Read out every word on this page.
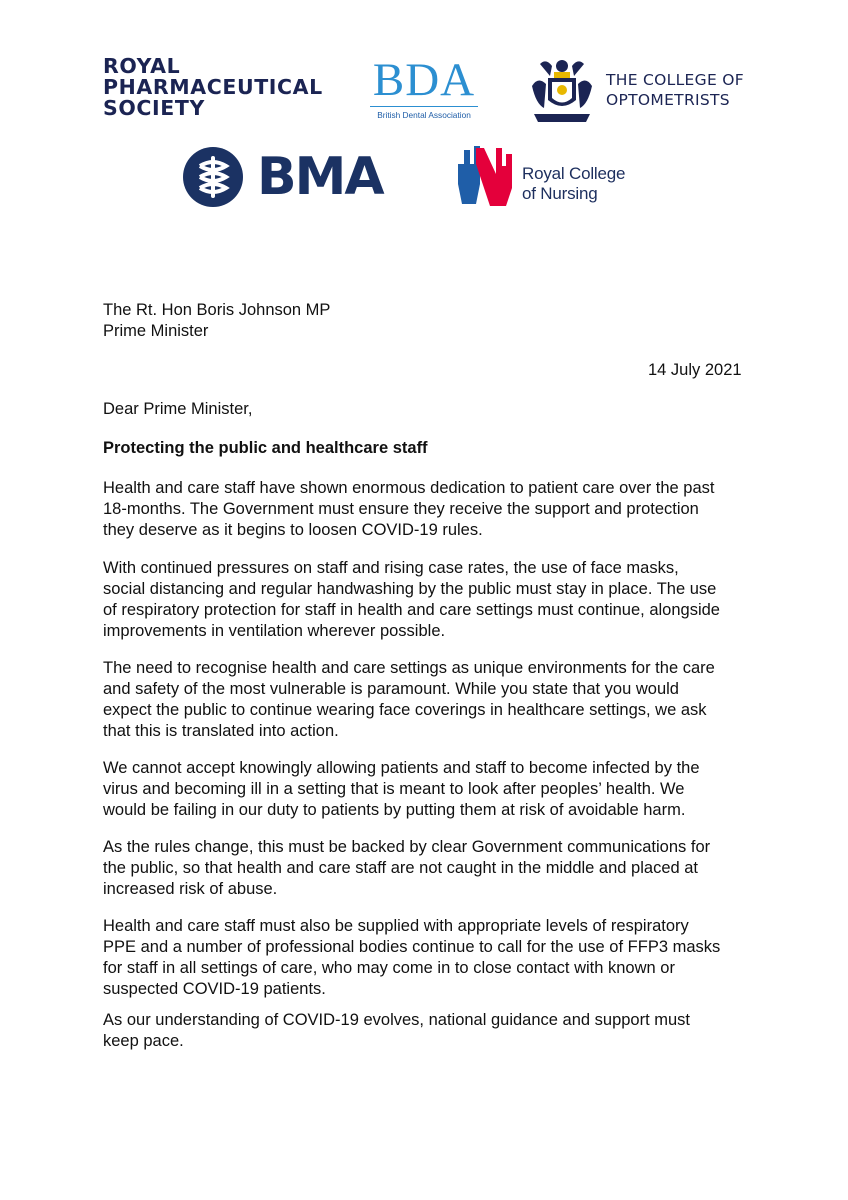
ROYAL
PHARMACEUTICAL
SOCIETY
BDA
British Dental Association
THE COLLEGE OF
OPTOMETRISTS
BMA	Royal College
of Nursing
The Rt. Hon Boris Johnson MP
Prime Minister
14 July 2021
Dear Prime Minister,
Protecting the public and healthcare staff
Health and care staff have shown enormous dedication to patient care over the past
18-months. The Government must ensure they receive the support and protection
they deserve as it begins to loosen COVID-19 rules.
With continued pressures on staff and rising case rates, the use of face masks,
social distancing and regular handwashing by the public must stay in place. The use
of respiratory protection for staff in health and care settings must continue, alongside
improvements in ventilation wherever possible.
The need to recognise health and care settings as unique environments for the care
and safety of the most vulnerable is paramount. While you state that you would
expect the public to continue wearing face coverings in healthcare settings, we ask
that this is translated into action.
We cannot accept knowingly allowing patients and staff to become infected by the
virus and becoming ill in a setting that is meant to look after peoples’ health. We
would be failing in our duty to patients by putting them at risk of avoidable harm.
As the rules change, this must be backed by clear Government communications for
the public, so that health and care staff are not caught in the middle and placed at
increased risk of abuse.
Health and care staff must also be supplied with appropriate levels of respiratory
PPE and a number of professional bodies continue to call for the use of FFP3 masks
for staff in all settings of care, who may come in to close contact with known or
suspected COVID-19 patients.
As our understanding of COVID-19 evolves, national guidance and support must
keep pace.
